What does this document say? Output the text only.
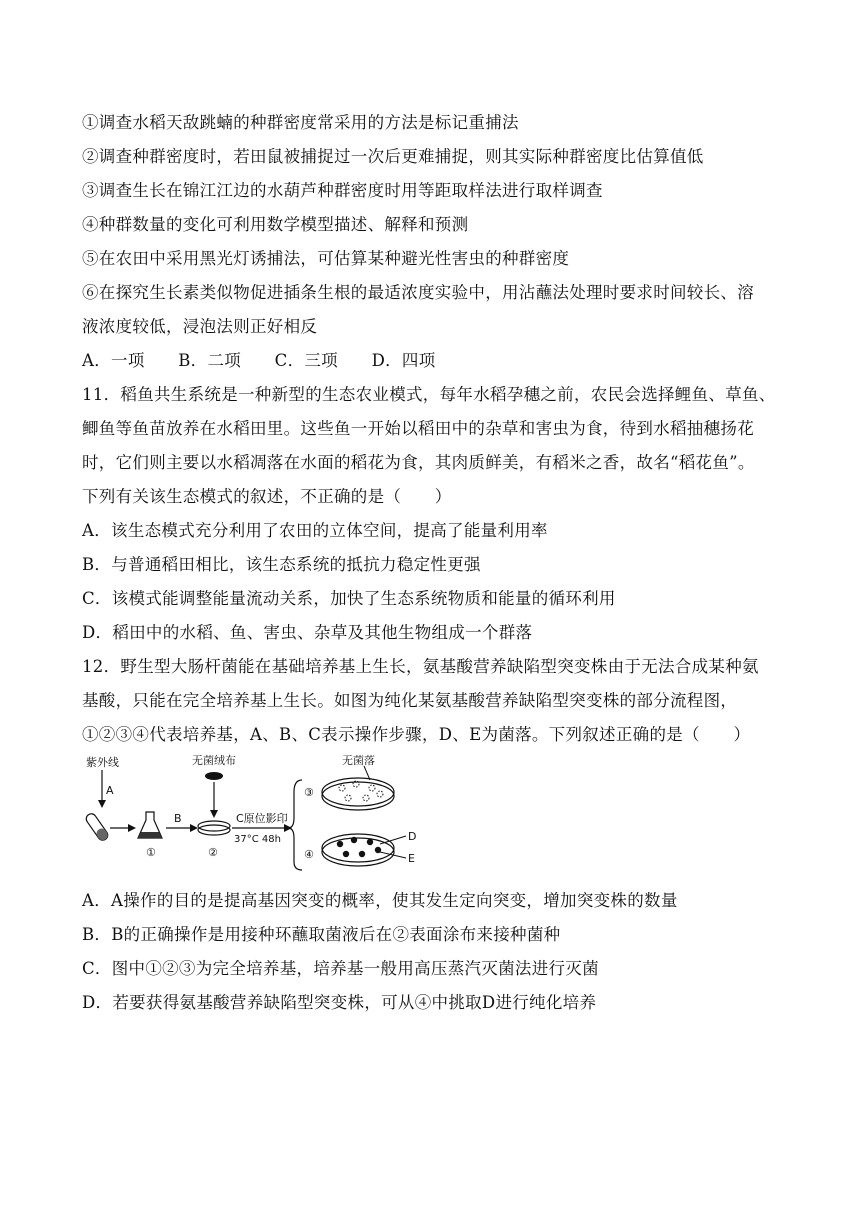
①调查水稻天敌跳蝻的种群密度常采用的方法是标记重捕法
②调查种群密度时，若田鼠被捕捉过一次后更难捕捉，则其实际种群密度比估算值低
③调查生长在锦江江边的水葫芦种群密度时用等距取样法进行取样调查
④种群数量的变化可利用数学模型描述、解释和预测
⑤在农田中采用黑光灯诱捕法，可估算某种避光性害虫的种群密度
⑥在探究生长素类似物促进插条生根的最适浓度实验中，用沾蘸法处理时要求时间较长、溶
液浓度较低，浸泡法则正好相反
A．一项　　B．二项　　C．三项　　D．四项
11．稻鱼共生系统是一种新型的生态农业模式，每年水稻孕穗之前，农民会选择鲤鱼、草鱼、
鲫鱼等鱼苗放养在水稻田里。这些鱼一开始以稻田中的杂草和害虫为食，待到水稻抽穗扬花
时，它们则主要以水稻凋落在水面的稻花为食，其肉质鲜美，有稻米之香，故名“稻花鱼”。
下列有关该生态模式的叙述，不正确的是（　　）
A．该生态模式充分利用了农田的立体空间，提高了能量利用率
B．与普通稻田相比，该生态系统的抵抗力稳定性更强
C．该模式能调整能量流动关系，加快了生态系统物质和能量的循环利用
D．稻田中的水稻、鱼、害虫、杂草及其他生物组成一个群落
12．野生型大肠杆菌能在基础培养基上生长，氨基酸营养缺陷型突变株由于无法合成某种氨
基酸，只能在完全培养基上生长。如图为纯化某氨基酸营养缺陷型突变株的部分流程图，
①②③④代表培养基，A、B、C表示操作步骤，D、E为菌落。下列叙述正确的是（　　）
紫外线
A
①
B
无菌绒布
②
C原位影印
37°C 48h
无菌落
③
④
D
E
A．A操作的目的是提高基因突变的概率，使其发生定向突变，增加突变株的数量
B．B的正确操作是用接种环蘸取菌液后在②表面涂布来接种菌种
C．图中①②③为完全培养基，培养基一般用高压蒸汽灭菌法进行灭菌
D．若要获得氨基酸营养缺陷型突变株，可从④中挑取D进行纯化培养
